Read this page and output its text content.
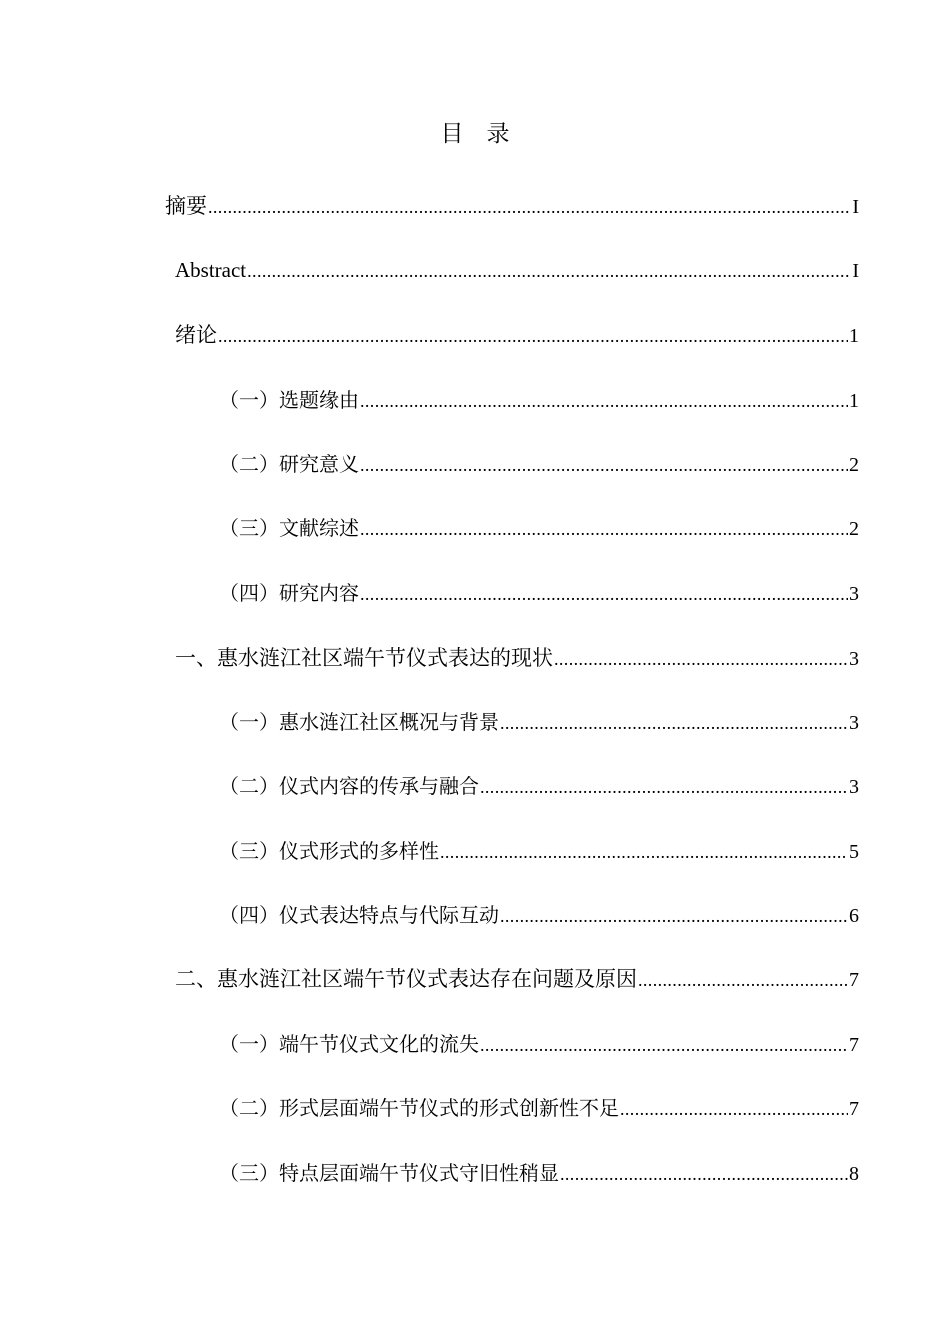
目　录
摘要 .....	I
Abstract .....	I
绪论 .....	1
（一）选题缘由 .....	1
（二）研究意义 .....	2
（三）文献综述 .....	2
（四）研究内容 .....	3
一、惠水涟江社区端午节仪式表达的现状 .....	3
（一）惠水涟江社区概况与背景 .....	3
（二）仪式内容的传承与融合 .....	3
（三）仪式形式的多样性 .....	5
（四）仪式表达特点与代际互动 .....	6
二、惠水涟江社区端午节仪式表达存在问题及原因 .....	7
（一）端午节仪式文化的流失 .....	7
（二）形式层面端午节仪式的形式创新性不足 .....	7
（三）特点层面端午节仪式守旧性稍显 .....	8
